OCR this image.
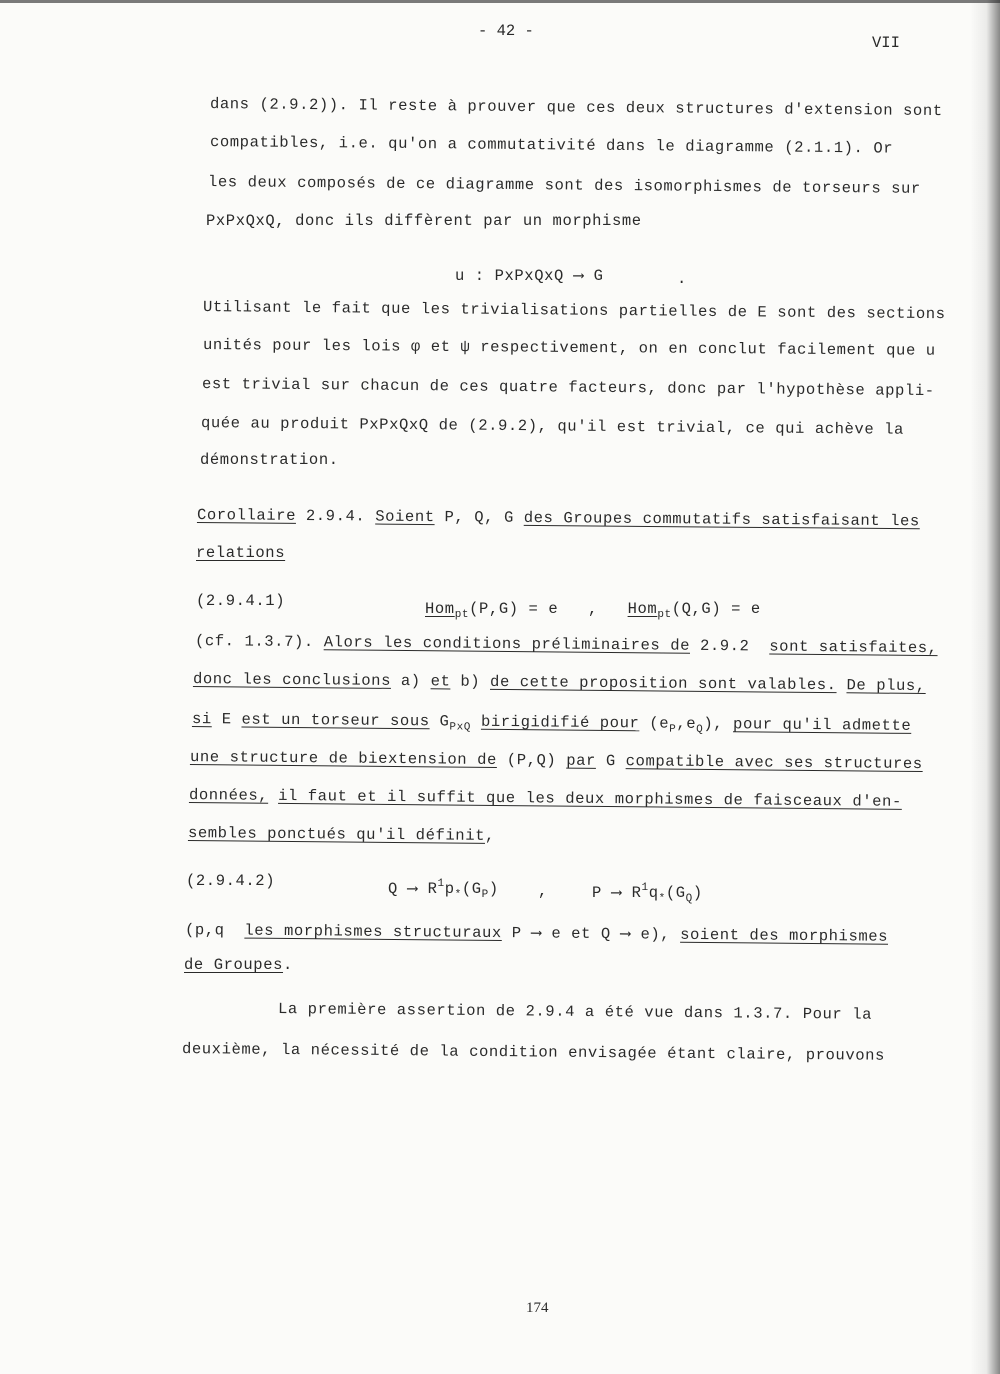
- 42 -
VII
dans (2.9.2)). Il reste à prouver que ces deux structures d'extension sont
compatibles, i.e. qu'on a commutativité dans le diagramme (2.1.1). Or
les deux composés de ce diagramme sont des isomorphismes de torseurs sur
PxPxQxQ, donc ils diffèrent par un morphisme
u : PxPxQxQ ⟶ G	.
Utilisant le fait que les trivialisations partielles de E sont des sections
unités pour les lois φ et ψ respectivement, on en conclut facilement que u
est trivial sur chacun de ces quatre facteurs, donc par l'hypothèse appli-
quée au produit PxPxQxQ de (2.9.2), qu'il est trivial, ce qui achève la
démonstration.
Corollaire 2.9.4. Soient P, Q, G des Groupes commutatifs satisfaisant les
relations
(2.9.4.1)	Hom$_{pt}$(P,G) = e , Hom$_{pt}$(Q,G) = e
(cf. 1.3.7). Alors les conditions préliminaires de 2.9.2 sont satisfaites,
donc les conclusions a) et b) de cette proposition sont valables. De plus,
si E est un torseur sous $G_{PxQ}$ birigidifié pour $(e_P,e_Q)$, pour qu'il admette
une structure de biextension de (P,Q) par G compatible avec ses structures
données, il faut et il suffit que les deux morphismes de faisceaux d'en-
sembles ponctués qu'il définit,
(2.9.4.2)	Q ⟶ $R^1p_*(G_P)$	,	P ⟶ $R^1q_*(G_Q)$
(p,q les morphismes structuraux P ⟶ e et Q ⟶ e), soient des morphismes
de Groupes.
La première assertion de 2.9.4 a été vue dans 1.3.7. Pour la
deuxième, la nécessité de la condition envisagée étant claire, prouvons
174
